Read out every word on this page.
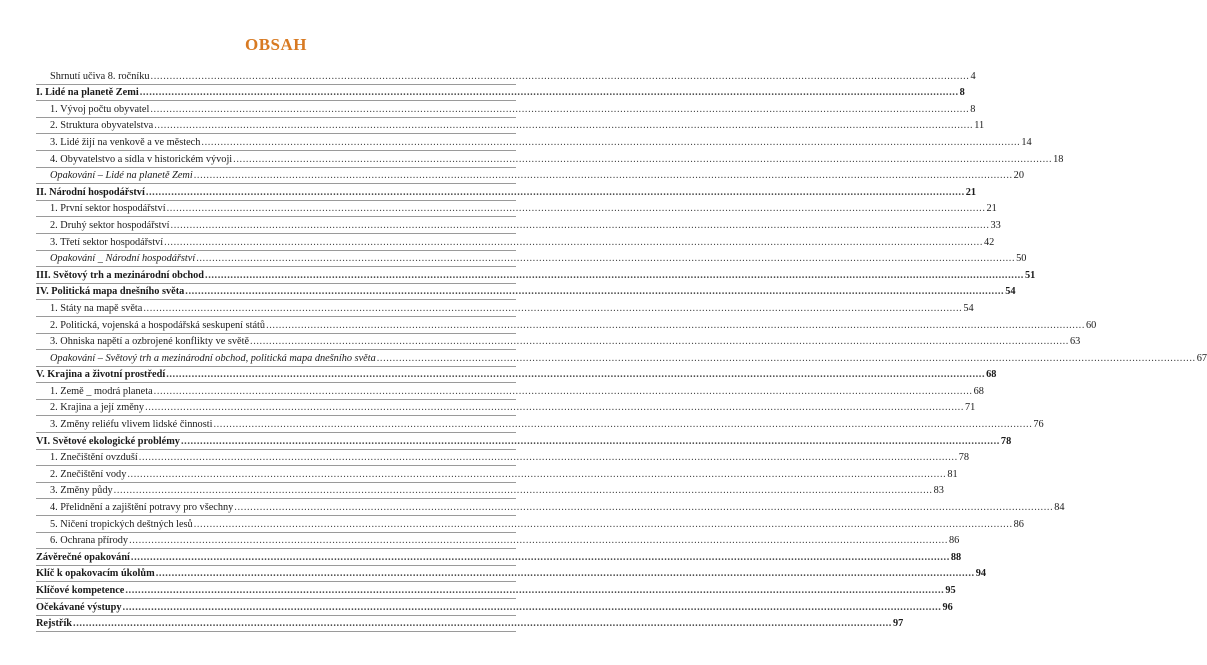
OBSAH
Shrnutí učiva 8. ročníku .....	4
I. Lidé na planetě Zemi .....	8
1. Vývoj počtu obyvatel .....	8
2. Struktura obyvatelstva .....	11
3. Lidé žijí na venkově a ve městech .....	14
4. Obyvatelstvo a sídla v historickém vývoji .....	18
Opakování – Lidé na planetě Zemi .....	20
II. Národní hospodářství .....	21
1. První sektor hospodářství .....	21
2. Druhý sektor hospodářství .....	33
3. Třetí sektor hospodářství .....	42
Opakování _ Národní hospodářství .....	50
III. Světový trh a mezinárodní obchod .....	51
IV. Politická mapa dnešního světa .....	54
1. Státy na mapě světa .....	54
2. Politická, vojenská a hospodářská seskupení států .....	60
3. Ohniska napětí a ozbrojené konflikty ve světě .....	63
Opakování – Světový trh a mezinárodní obchod, politická mapa dnešního světa .....	67
V. Krajina a životní prostředí .....	68
1. Země _ modrá planeta .....	68
2. Krajina a její změny .....	71
3. Změny reliéfu vlivem lidské činnosti .....	76
VI. Světové ekologické problémy .....	78
1. Znečištění ovzduší .....	78
2. Znečištění vody .....	81
3. Změny půdy .....	83
4. Přelidnění a zajištění potravy pro všechny .....	84
5. Ničení tropických deštných lesů .....	86
6. Ochrana přírody .....	86
Závěrečné opakování .....	88
Klíč k opakovacím úkolům .....	94
Klíčové kompetence .....	95
Očekávané výstupy .....	96
Rejstřík .....	97
